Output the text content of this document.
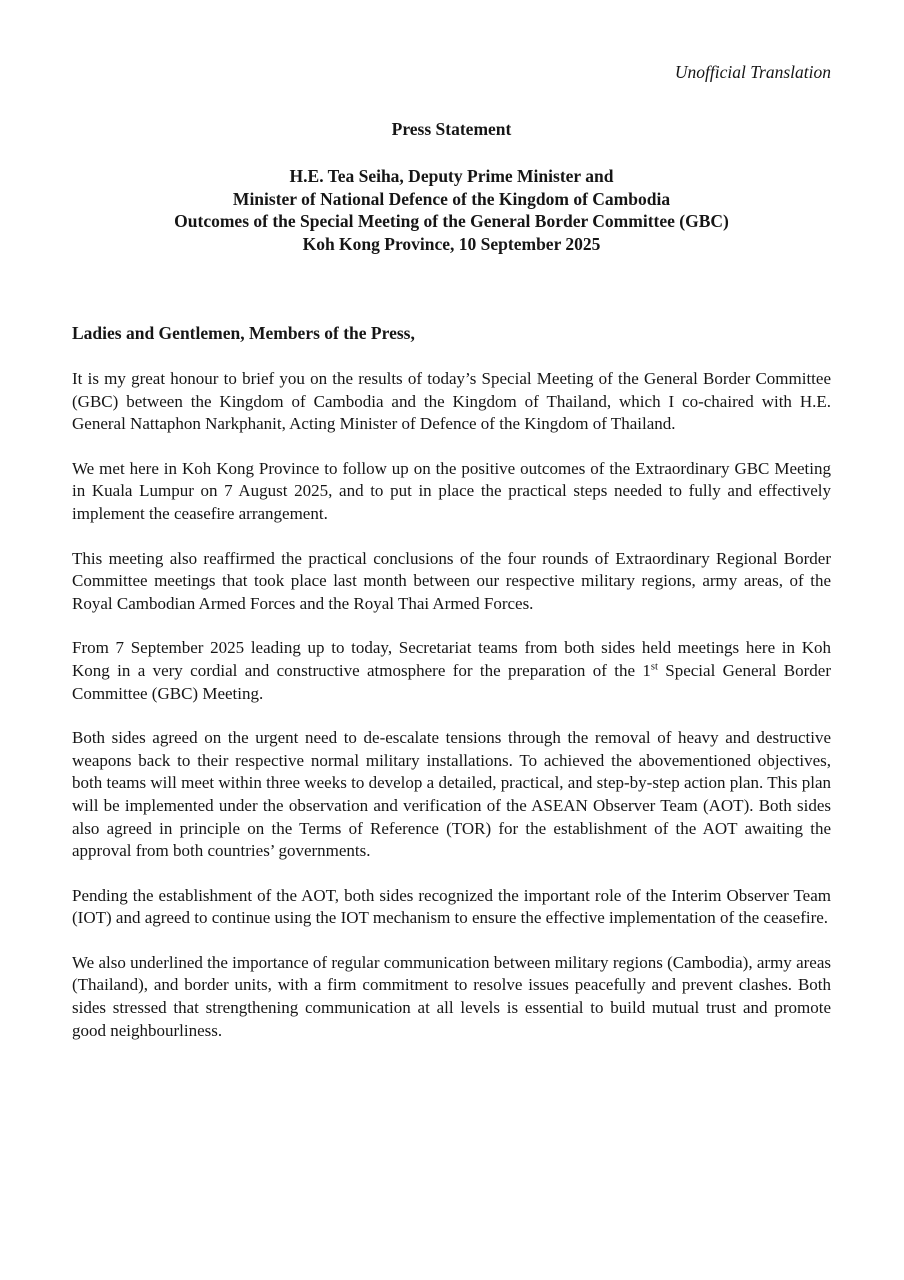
Unofficial Translation
Press Statement
H.E. Tea Seiha, Deputy Prime Minister and
Minister of National Defence of the Kingdom of Cambodia
Outcomes of the Special Meeting of the General Border Committee (GBC)
Koh Kong Province, 10 September 2025

Ladies and Gentlemen, Members of the Press,

It is my great honour to brief you on the results of today’s Special Meeting of the General Border Committee (GBC) between the Kingdom of Cambodia and the Kingdom of Thailand, which I co-chaired with H.E. General Nattaphon Narkphanit, Acting Minister of Defence of the Kingdom of Thailand.

We met here in Koh Kong Province to follow up on the positive outcomes of the Extraordinary GBC Meeting in Kuala Lumpur on 7 August 2025, and to put in place the practical steps needed to fully and effectively implement the ceasefire arrangement.

This meeting also reaffirmed the practical conclusions of the four rounds of Extraordinary Regional Border Committee meetings that took place last month between our respective military regions, army areas, of the Royal Cambodian Armed Forces and the Royal Thai Armed Forces.

From 7 September 2025 leading up to today, Secretariat teams from both sides held meetings here in Koh Kong in a very cordial and constructive atmosphere for the preparation of the 1st Special General Border Committee (GBC) Meeting.

Both sides agreed on the urgent need to de-escalate tensions through the removal of heavy and destructive weapons back to their respective normal military installations. To achieved the abovementioned objectives, both teams will meet within three weeks to develop a detailed, practical, and step-by-step action plan. This plan will be implemented under the observation and verification of the ASEAN Observer Team (AOT). Both sides also agreed in principle on the Terms of Reference (TOR) for the establishment of the AOT awaiting the approval from both countries’ governments.

Pending the establishment of the AOT, both sides recognized the important role of the Interim Observer Team (IOT) and agreed to continue using the IOT mechanism to ensure the effective implementation of the ceasefire.

We also underlined the importance of regular communication between military regions (Cambodia), army areas (Thailand), and border units, with a firm commitment to resolve issues peacefully and prevent clashes. Both sides stressed that strengthening communication at all levels is essential to build mutual trust and promote good neighbourliness.
